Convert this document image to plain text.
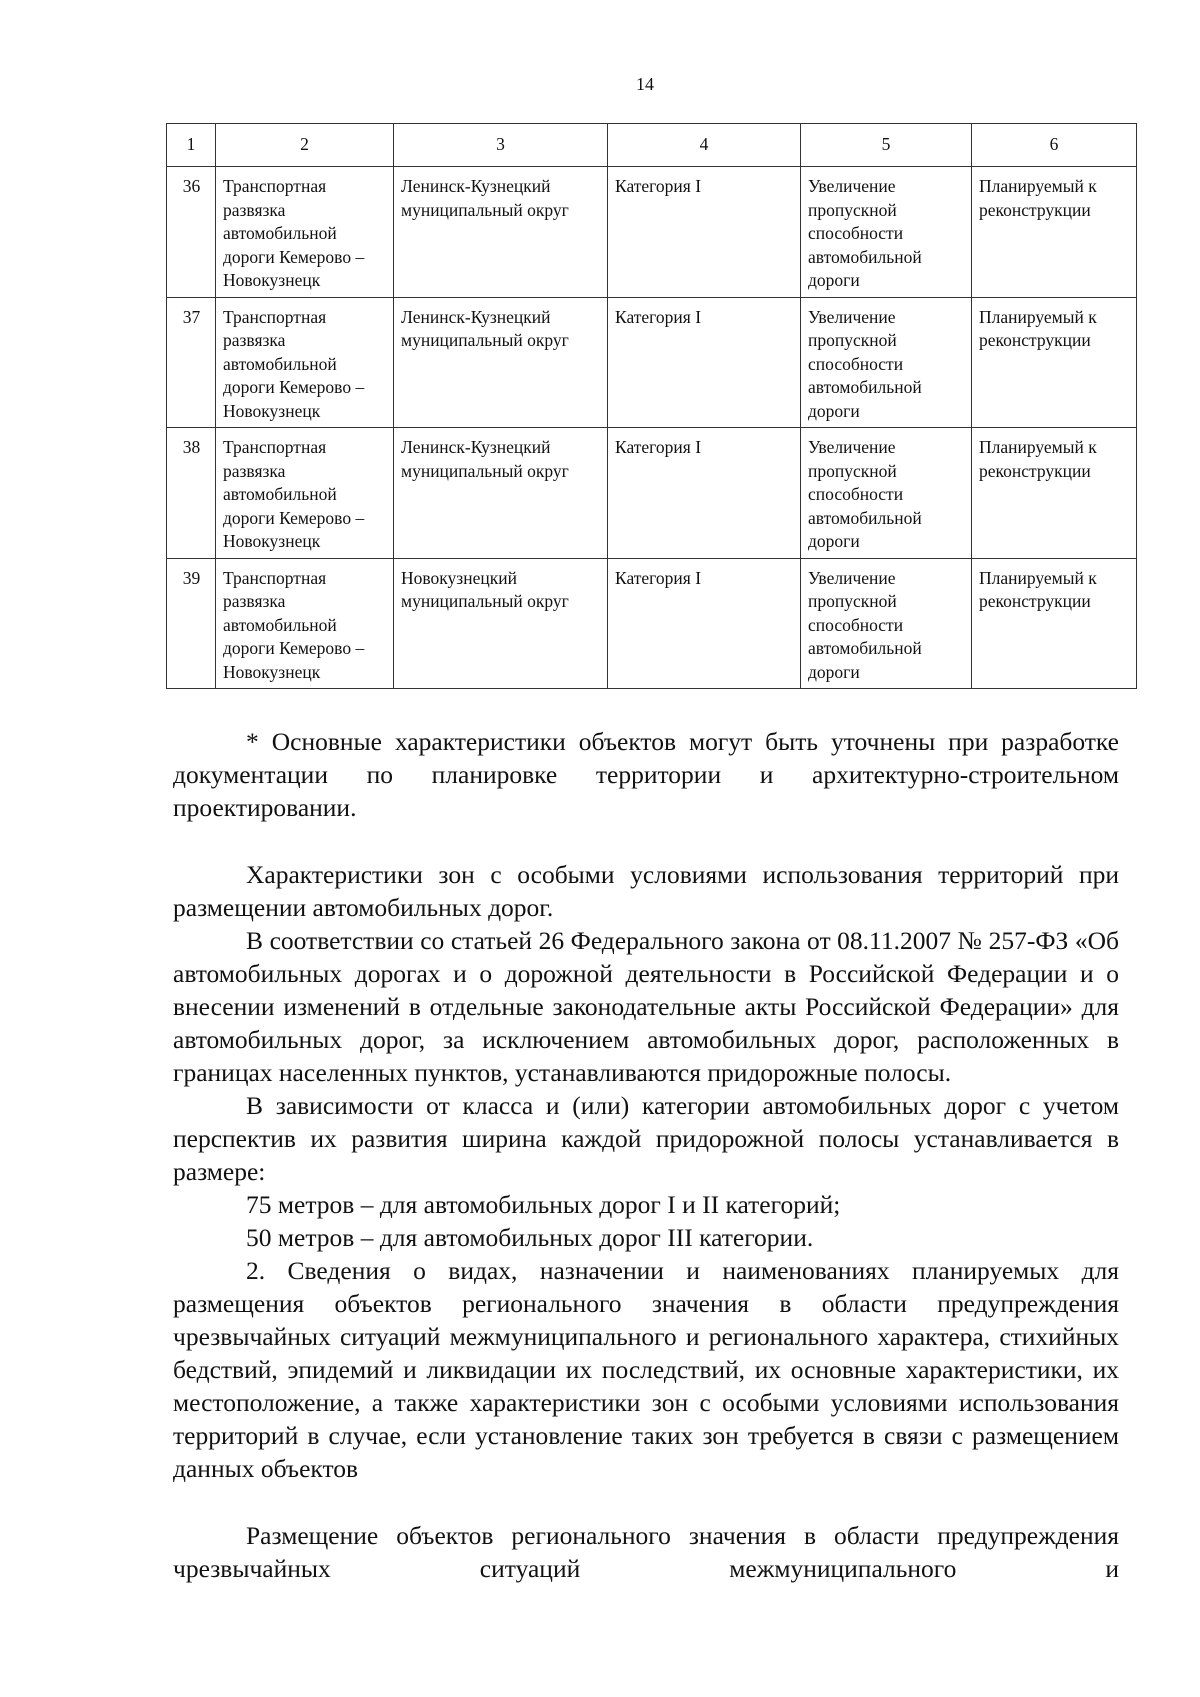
14
1	2	3	4	5	6
36	Транспортная развязка автомобильной дороги Кемерово – Новокузнецк	Ленинск-Кузнецкий муниципальный округ	Категория I	Увеличение пропускной способности автомобильной дороги	Планируемый к реконструкции
37	Транспортная развязка автомобильной дороги Кемерово – Новокузнецк	Ленинск-Кузнецкий муниципальный округ	Категория I	Увеличение пропускной способности автомобильной дороги	Планируемый к реконструкции
38	Транспортная развязка автомобильной дороги Кемерово – Новокузнецк	Ленинск-Кузнецкий муниципальный округ	Категория I	Увеличение пропускной способности автомобильной дороги	Планируемый к реконструкции
39	Транспортная развязка автомобильной дороги Кемерово – Новокузнецк	Новокузнецкий муниципальный округ	Категория I	Увеличение пропускной способности автомобильной дороги	Планируемый к реконструкции

* Основные характеристики объектов могут быть уточнены при разработке документации по планировке территории и архитектурно-строительном проектировании.

Характеристики зон с особыми условиями использования территорий при размещении автомобильных дорог.

В соответствии со статьей 26 Федерального закона от 08.11.2007 № 257-ФЗ «Об автомобильных дорогах и о дорожной деятельности в Российской Федерации и о внесении изменений в отдельные законодательные акты Российской Федерации» для автомобильных дорог, за исключением автомобильных дорог, расположенных в границах населенных пунктов, устанавливаются придорожные полосы.

В зависимости от класса и (или) категории автомобильных дорог с учетом перспектив их развития ширина каждой придорожной полосы устанавливается в размере:

75 метров – для автомобильных дорог I и II категорий;

50 метров – для автомобильных дорог III категории.

2. Сведения о видах, назначении и наименованиях планируемых для размещения объектов регионального значения в области предупреждения чрезвычайных ситуаций межмуниципального и регионального характера, стихийных бедствий, эпидемий и ликвидации их последствий, их основные характеристики, их местоположение, а также характеристики зон с особыми условиями использования территорий в случае, если установление таких зон требуется в связи с размещением данных объектов

Размещение объектов регионального значения в области предупреждения чрезвычайных ситуаций межмуниципального и
